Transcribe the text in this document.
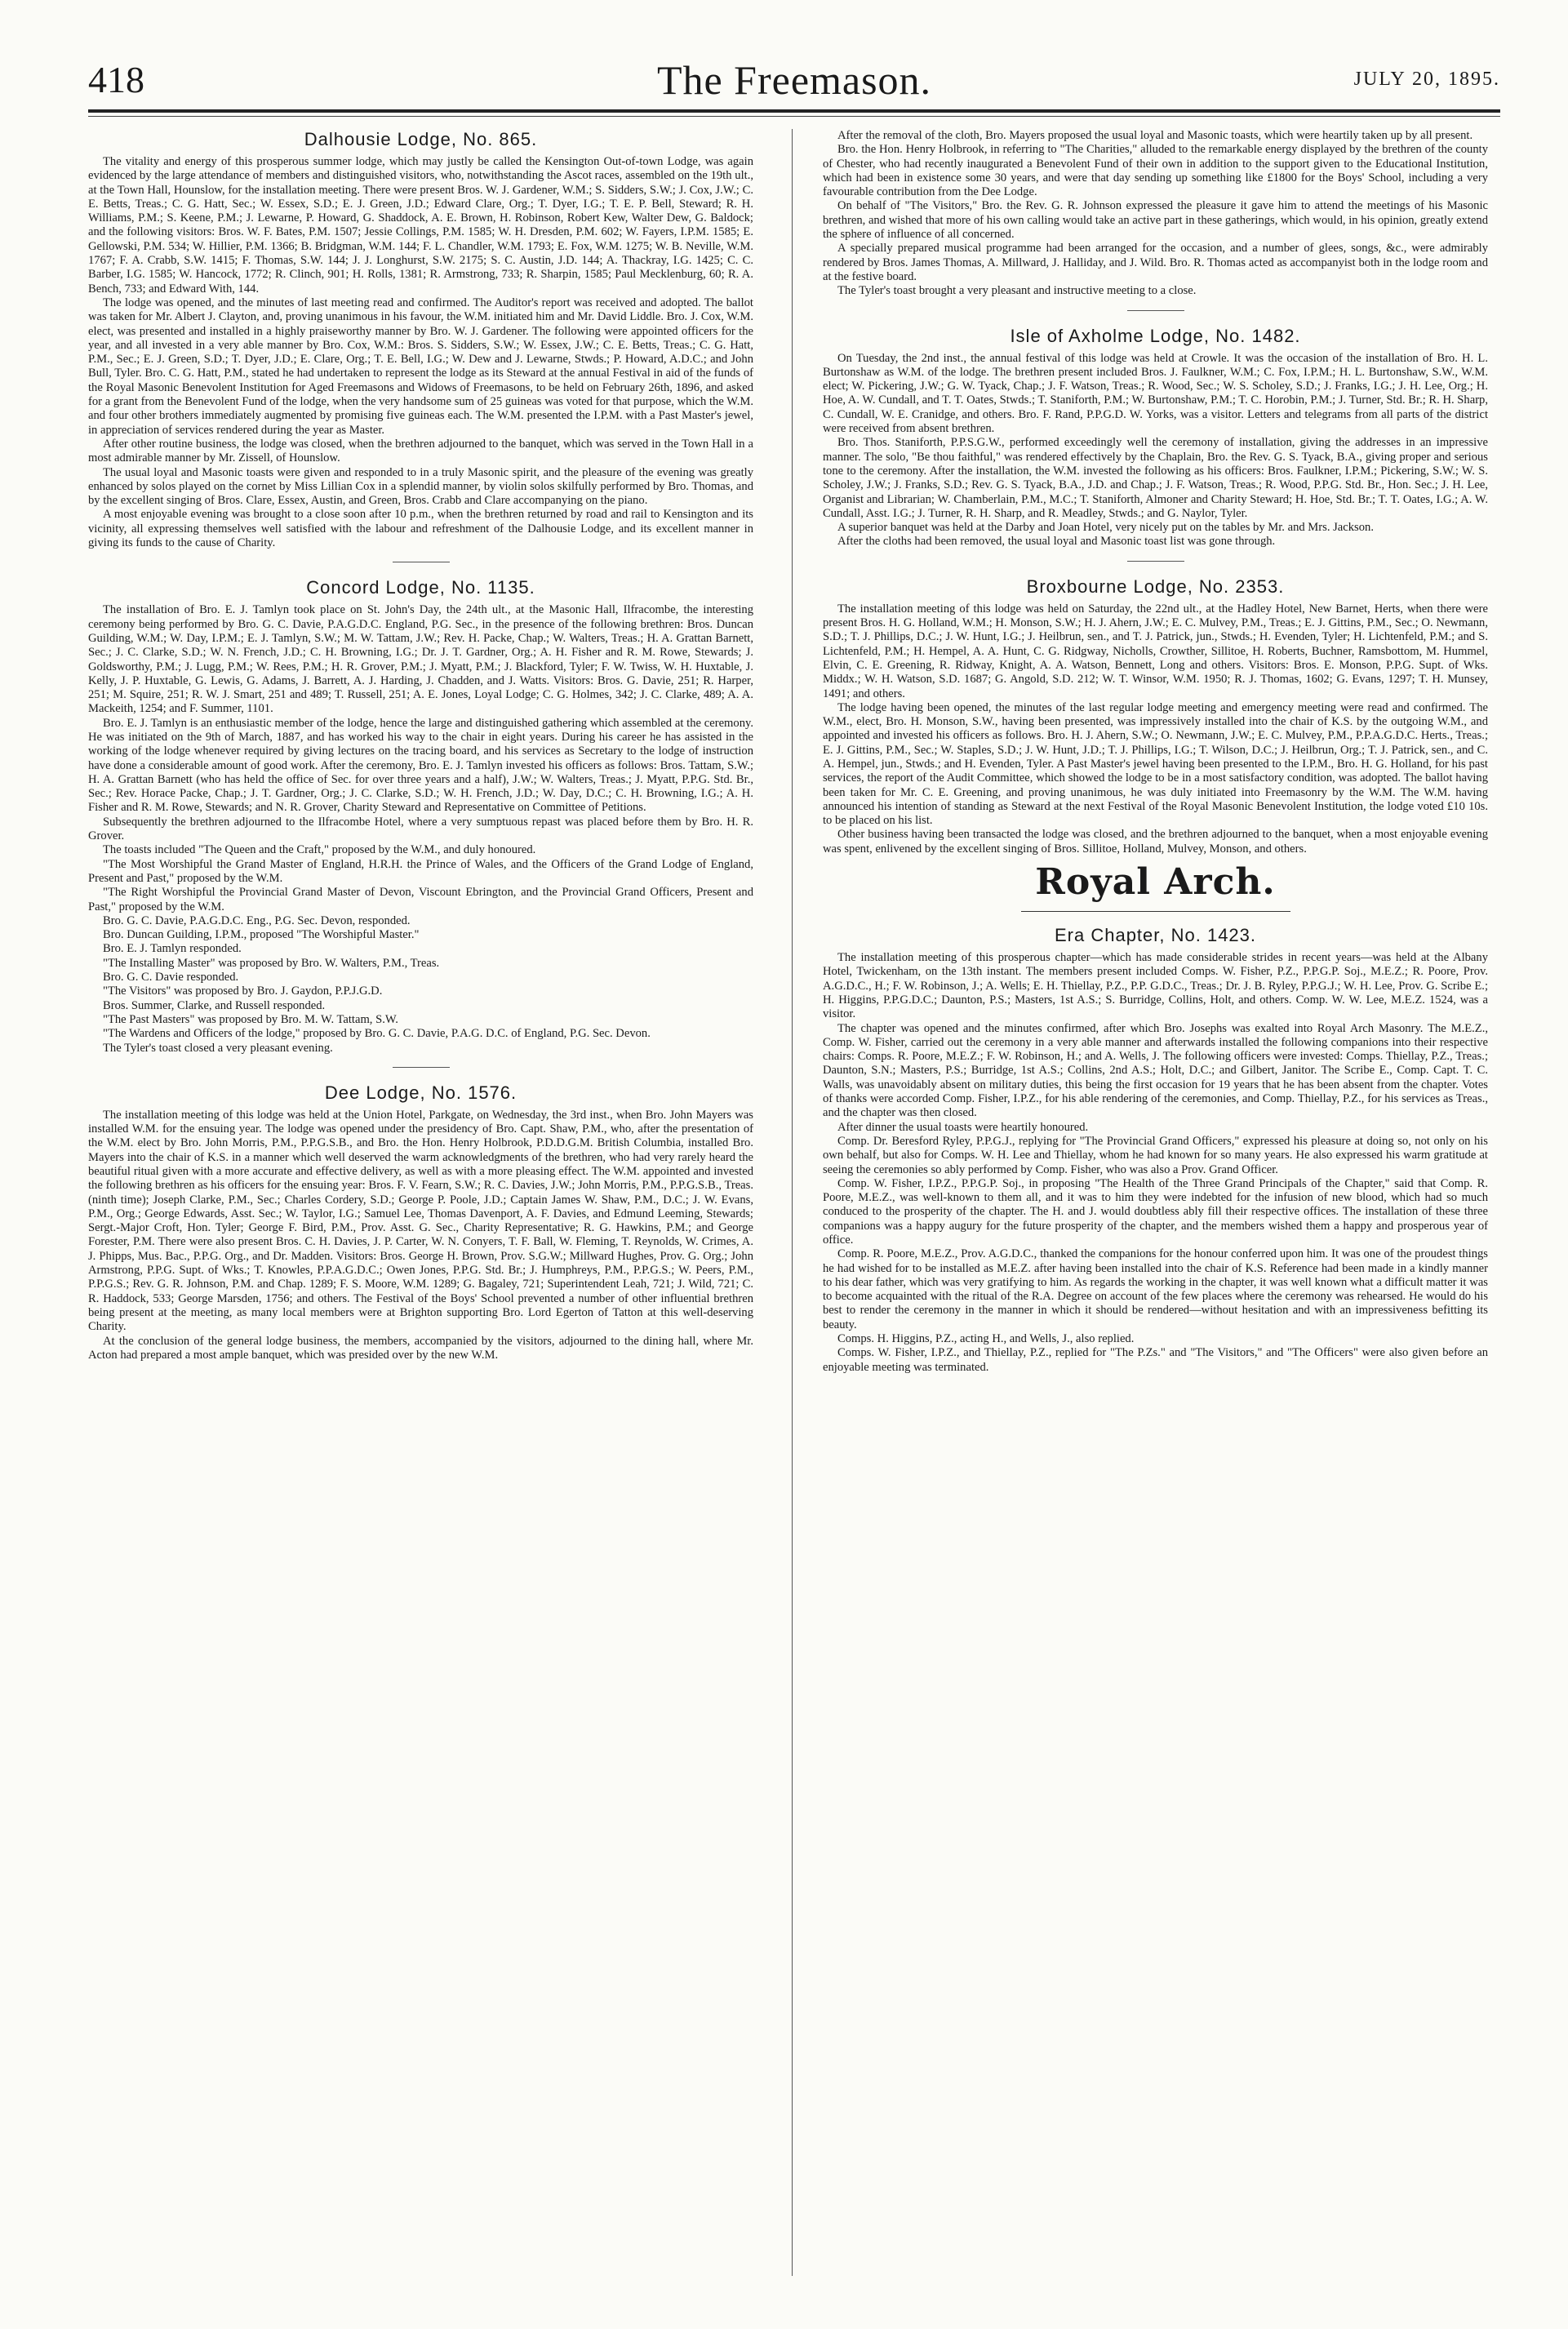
418	The Freemason.	JULY 20, 1895.
Dalhousie Lodge, No. 865.

The vitality and energy of this prosperous summer lodge, which may justly be called the Kensington Out-of-town Lodge, was again evidenced by the large attendance of members and distinguished visitors, who, notwithstanding the Ascot races, assembled on the 19th ult., at the Town Hall, Hounslow, for the installation meeting. There were present Bros. W. J. Gardener, W.M.; S. Sidders, S.W.; J. Cox, J.W.; C. E. Betts, Treas.; C. G. Hatt, Sec.; W. Essex, S.D.; E. J. Green, J.D.; Edward Clare, Org.; T. Dyer, I.G.; T. E. P. Bell, Steward; R. H. Williams, P.M.; S. Keene, P.M.; J. Lewarne, P. Howard, G. Shaddock, A. E. Brown, H. Robinson, Robert Kew, Walter Dew, G. Baldock; and the following visitors: Bros. W. F. Bates, P.M. 1507; Jessie Collings, P.M. 1585; W. H. Dresden, P.M. 602; W. Fayers, I.P.M. 1585; E. Gellowski, P.M. 534; W. Hillier, P.M. 1366; B. Bridgman, W.M. 144; F. L. Chandler, W.M. 1793; E. Fox, W.M. 1275; W. B. Neville, W.M. 1767; F. A. Crabb, S.W. 1415; F. Thomas, S.W. 144; J. J. Longhurst, S.W. 2175; S. C. Austin, J.D. 144; A. Thackray, I.G. 1425; C. C. Barber, I.G. 1585; W. Hancock, 1772; R. Clinch, 901; H. Rolls, 1381; R. Armstrong, 733; R. Sharpin, 1585; Paul Mecklenburg, 60; R. A. Bench, 733; and Edward With, 144.

The lodge was opened, and the minutes of last meeting read and confirmed. The Auditor's report was received and adopted. The ballot was taken for Mr. Albert J. Clayton, and, proving unanimous in his favour, the W.M. initiated him and Mr. David Liddle. Bro. J. Cox, W.M. elect, was presented and installed in a highly praiseworthy manner by Bro. W. J. Gardener. The following were appointed officers for the year, and all invested in a very able manner by Bro. Cox, W.M.: Bros. S. Sidders, S.W.; W. Essex, J.W.; C. E. Betts, Treas.; C. G. Hatt, P.M., Sec.; E. J. Green, S.D.; T. Dyer, J.D.; E. Clare, Org.; T. E. Bell, I.G.; W. Dew and J. Lewarne, Stwds.; P. Howard, A.D.C.; and John Bull, Tyler. Bro. C. G. Hatt, P.M., stated he had undertaken to represent the lodge as its Steward at the annual Festival in aid of the funds of the Royal Masonic Benevolent Institution for Aged Freemasons and Widows of Freemasons, to be held on February 26th, 1896, and asked for a grant from the Benevolent Fund of the lodge, when the very handsome sum of 25 guineas was voted for that purpose, which the W.M. and four other brothers immediately augmented by promising five guineas each. The W.M. presented the I.P.M. with a Past Master's jewel, in appreciation of services rendered during the year as Master.

After other routine business, the lodge was closed, when the brethren adjourned to the banquet, which was served in the Town Hall in a most admirable manner by Mr. Zissell, of Hounslow.

The usual loyal and Masonic toasts were given and responded to in a truly Masonic spirit, and the pleasure of the evening was greatly enhanced by solos played on the cornet by Miss Lillian Cox in a splendid manner, by violin solos skilfully performed by Bro. Thomas, and by the excellent singing of Bros. Clare, Essex, Austin, and Green, Bros. Crabb and Clare accompanying on the piano.

A most enjoyable evening was brought to a close soon after 10 p.m., when the brethren returned by road and rail to Kensington and its vicinity, all expressing themselves well satisfied with the labour and refreshment of the Dalhousie Lodge, and its excellent manner in giving its funds to the cause of Charity.

Concord Lodge, No. 1135.

The installation of Bro. E. J. Tamlyn took place on St. John's Day, the 24th ult., at the Masonic Hall, Ilfracombe, the interesting ceremony being performed by Bro. G. C. Davie, P.A.G.D.C. England, P.G. Sec., in the presence of the following brethren: Bros. Duncan Guilding, W.M.; W. Day, I.P.M.; E. J. Tamlyn, S.W.; M. W. Tattam, J.W.; Rev. H. Packe, Chap.; W. Walters, Treas.; H. A. Grattan Barnett, Sec.; J. C. Clarke, S.D.; W. N. French, J.D.; C. H. Browning, I.G.; Dr. J. T. Gardner, Org.; A. H. Fisher and R. M. Rowe, Stewards; J. Goldsworthy, P.M.; J. Lugg, P.M.; W. Rees, P.M.; H. R. Grover, P.M.; J. Myatt, P.M.; J. Blackford, Tyler; F. W. Twiss, W. H. Huxtable, J. Kelly, J. P. Huxtable, G. Lewis, G. Adams, J. Barrett, A. J. Harding, J. Chadden, and J. Watts. Visitors: Bros. G. Davie, 251; R. Harper, 251; M. Squire, 251; R. W. J. Smart, 251 and 489; T. Russell, 251; A. E. Jones, Loyal Lodge; C. G. Holmes, 342; J. C. Clarke, 489; A. A. Mackeith, 1254; and F. Summer, 1101.

Bro. E. J. Tamlyn is an enthusiastic member of the lodge, hence the large and distinguished gathering which assembled at the ceremony. He was initiated on the 9th of March, 1887, and has worked his way to the chair in eight years. During his career he has assisted in the working of the lodge whenever required by giving lectures on the tracing board, and his services as Secretary to the lodge of instruction have done a considerable amount of good work. After the ceremony, Bro. E. J. Tamlyn invested his officers as follows: Bros. Tattam, S.W.; H. A. Grattan Barnett (who has held the office of Sec. for over three years and a half), J.W.; W. Walters, Treas.; J. Myatt, P.P.G. Std. Br., Sec.; Rev. Horace Packe, Chap.; J. T. Gardner, Org.; J. C. Clarke, S.D.; W. H. French, J.D.; W. Day, D.C.; C. H. Browning, I.G.; A. H. Fisher and R. M. Rowe, Stewards; and N. R. Grover, Charity Steward and Representative on Committee of Petitions.

Subsequently the brethren adjourned to the Ilfracombe Hotel, where a very sumptuous repast was placed before them by Bro. H. R. Grover.

The toasts included "The Queen and the Craft," proposed by the W.M., and duly honoured.

"The Most Worshipful the Grand Master of England, H.R.H. the Prince of Wales, and the Officers of the Grand Lodge of England, Present and Past," proposed by the W.M.

"The Right Worshipful the Provincial Grand Master of Devon, Viscount Ebrington, and the Provincial Grand Officers, Present and Past," proposed by the W.M.

Bro. G. C. Davie, P.A.G.D.C. Eng., P.G. Sec. Devon, responded.

Bro. Duncan Guilding, I.P.M., proposed "The Worshipful Master."

Bro. E. J. Tamlyn responded.

"The Installing Master" was proposed by Bro. W. Walters, P.M., Treas.

Bro. G. C. Davie responded.

"The Visitors" was proposed by Bro. J. Gaydon, P.P.J.G.D.

Bros. Summer, Clarke, and Russell responded.

"The Past Masters" was proposed by Bro. M. W. Tattam, S.W.

"The Wardens and Officers of the lodge," proposed by Bro. G. C. Davie, P.A.G. D.C. of England, P.G. Sec. Devon.

The Tyler's toast closed a very pleasant evening.

Dee Lodge, No. 1576.

The installation meeting of this lodge was held at the Union Hotel, Parkgate, on Wednesday, the 3rd inst., when Bro. John Mayers was installed W.M. for the ensuing year. The lodge was opened under the presidency of Bro. Capt. Shaw, P.M., who, after the presentation of the W.M. elect by Bro. John Morris, P.M., P.P.G.S.B., and Bro. the Hon. Henry Holbrook, P.D.D.G.M. British Columbia, installed Bro. Mayers into the chair of K.S. in a manner which well deserved the warm acknowledgments of the brethren, who had very rarely heard the beautiful ritual given with a more accurate and effective delivery, as well as with a more pleasing effect. The W.M. appointed and invested the following brethren as his officers for the ensuing year: Bros. F. V. Fearn, S.W.; R. C. Davies, J.W.; John Morris, P.M., P.P.G.S.B., Treas. (ninth time); Joseph Clarke, P.M., Sec.; Charles Cordery, S.D.; George P. Poole, J.D.; Captain James W. Shaw, P.M., D.C.; J. W. Evans, P.M., Org.; George Edwards, Asst. Sec.; W. Taylor, I.G.; Samuel Lee, Thomas Davenport, A. F. Davies, and Edmund Leeming, Stewards; Sergt.-Major Croft, Hon. Tyler; George F. Bird, P.M., Prov. Asst. G. Sec., Charity Representative; R. G. Hawkins, P.M.; and George Forester, P.M. There were also present Bros. C. H. Davies, J. P. Carter, W. N. Conyers, T. F. Ball, W. Fleming, T. Reynolds, W. Crimes, A. J. Phipps, Mus. Bac., P.P.G. Org., and Dr. Madden. Visitors: Bros. George H. Brown, Prov. S.G.W.; Millward Hughes, Prov. G. Org.; John Armstrong, P.P.G. Supt. of Wks.; T. Knowles, P.P.A.G.D.C.; Owen Jones, P.P.G. Std. Br.; J. Humphreys, P.M., P.P.G.S.; W. Peers, P.M., P.P.G.S.; Rev. G. R. Johnson, P.M. and Chap. 1289; F. S. Moore, W.M. 1289; G. Bagaley, 721; Superintendent Leah, 721; J. Wild, 721; C. R. Haddock, 533; George Marsden, 1756; and others. The Festival of the Boys' School prevented a number of other influential brethren being present at the meeting, as many local members were at Brighton supporting Bro. Lord Egerton of Tatton at this well-deserving Charity.

At the conclusion of the general lodge business, the members, accompanied by the visitors, adjourned to the dining hall, where Mr. Acton had prepared a most ample banquet, which was presided over by the new W.M.

After the removal of the cloth, Bro. Mayers proposed the usual loyal and Masonic toasts, which were heartily taken up by all present.

Bro. the Hon. Henry Holbrook, in referring to "The Charities," alluded to the remarkable energy displayed by the brethren of the county of Chester, who had recently inaugurated a Benevolent Fund of their own in addition to the support given to the Educational Institution, which had been in existence some 30 years, and were that day sending up something like £1800 for the Boys' School, including a very favourable contribution from the Dee Lodge.

On behalf of "The Visitors," Bro. the Rev. G. R. Johnson expressed the pleasure it gave him to attend the meetings of his Masonic brethren, and wished that more of his own calling would take an active part in these gatherings, which would, in his opinion, greatly extend the sphere of influence of all concerned.

A specially prepared musical programme had been arranged for the occasion, and a number of glees, songs, &c., were admirably rendered by Bros. James Thomas, A. Millward, J. Halliday, and J. Wild. Bro. R. Thomas acted as accompanyist both in the lodge room and at the festive board.

The Tyler's toast brought a very pleasant and instructive meeting to a close.

Isle of Axholme Lodge, No. 1482.

On Tuesday, the 2nd inst., the annual festival of this lodge was held at Crowle. It was the occasion of the installation of Bro. H. L. Burtonshaw as W.M. of the lodge. The brethren present included Bros. J. Faulkner, W.M.; C. Fox, I.P.M.; H. L. Burtonshaw, S.W., W.M. elect; W. Pickering, J.W.; G. W. Tyack, Chap.; J. F. Watson, Treas.; R. Wood, Sec.; W. S. Scholey, S.D.; J. Franks, I.G.; J. H. Lee, Org.; H. Hoe, A. W. Cundall, and T. T. Oates, Stwds.; T. Staniforth, P.M.; W. Burtonshaw, P.M.; T. C. Horobin, P.M.; J. Turner, Std. Br.; R. H. Sharp, C. Cundall, W. E. Cranidge, and others. Bro. F. Rand, P.P.G.D. W. Yorks, was a visitor. Letters and telegrams from all parts of the district were received from absent brethren.

Bro. Thos. Staniforth, P.P.S.G.W., performed exceedingly well the ceremony of installation, giving the addresses in an impressive manner. The solo, "Be thou faithful," was rendered effectively by the Chaplain, Bro. the Rev. G. S. Tyack, B.A., giving proper and serious tone to the ceremony. After the installation, the W.M. invested the following as his officers: Bros. Faulkner, I.P.M.; Pickering, S.W.; W. S. Scholey, J.W.; J. Franks, S.D.; Rev. G. S. Tyack, B.A., J.D. and Chap.; J. F. Watson, Treas.; R. Wood, P.P.G. Std. Br., Hon. Sec.; J. H. Lee, Organist and Librarian; W. Chamberlain, P.M., M.C.; T. Staniforth, Almoner and Charity Steward; H. Hoe, Std. Br.; T. T. Oates, I.G.; A. W. Cundall, Asst. I.G.; J. Turner, R. H. Sharp, and R. Meadley, Stwds.; and G. Naylor, Tyler.

A superior banquet was held at the Darby and Joan Hotel, very nicely put on the tables by Mr. and Mrs. Jackson.

After the cloths had been removed, the usual loyal and Masonic toast list was gone through.

Broxbourne Lodge, No. 2353.

The installation meeting of this lodge was held on Saturday, the 22nd ult., at the Hadley Hotel, New Barnet, Herts, when there were present Bros. H. G. Holland, W.M.; H. Monson, S.W.; H. J. Ahern, J.W.; E. C. Mulvey, P.M., Treas.; E. J. Gittins, P.M., Sec.; O. Newmann, S.D.; T. J. Phillips, D.C.; J. W. Hunt, I.G.; J. Heilbrun, sen., and T. J. Patrick, jun., Stwds.; H. Evenden, Tyler; H. Lichtenfeld, P.M.; and S. Lichtenfeld, P.M.; H. Hempel, A. A. Hunt, C. G. Ridgway, Nicholls, Crowther, Sillitoe, H. Roberts, Buchner, Ramsbottom, M. Hummel, Elvin, C. E. Greening, R. Ridway, Knight, A. A. Watson, Bennett, Long and others. Visitors: Bros. E. Monson, P.P.G. Supt. of Wks. Middx.; W. H. Watson, S.D. 1687; G. Angold, S.D. 212; W. T. Winsor, W.M. 1950; R. J. Thomas, 1602; G. Evans, 1297; T. H. Munsey, 1491; and others.

The lodge having been opened, the minutes of the last regular lodge meeting and emergency meeting were read and confirmed. The W.M., elect, Bro. H. Monson, S.W., having been presented, was impressively installed into the chair of K.S. by the outgoing W.M., and appointed and invested his officers as follows. Bro. H. J. Ahern, S.W.; O. Newmann, J.W.; E. C. Mulvey, P.M., P.P.A.G.D.C. Herts., Treas.; E. J. Gittins, P.M., Sec.; W. Staples, S.D.; J. W. Hunt, J.D.; T. J. Phillips, I.G.; T. Wilson, D.C.; J. Heilbrun, Org.; T. J. Patrick, sen., and C. A. Hempel, jun., Stwds.; and H. Evenden, Tyler. A Past Master's jewel having been presented to the I.P.M., Bro. H. G. Holland, for his past services, the report of the Audit Committee, which showed the lodge to be in a most satisfactory condition, was adopted. The ballot having been taken for Mr. C. E. Greening, and proving unanimous, he was duly initiated into Freemasonry by the W.M. The W.M. having announced his intention of standing as Steward at the next Festival of the Royal Masonic Benevolent Institution, the lodge voted £10 10s. to be placed on his list.

Other business having been transacted the lodge was closed, and the brethren adjourned to the banquet, when a most enjoyable evening was spent, enlivened by the excellent singing of Bros. Sillitoe, Holland, Mulvey, Monson, and others.

Royal Arch.
Era Chapter, No. 1423.

The installation meeting of this prosperous chapter—which has made considerable strides in recent years—was held at the Albany Hotel, Twickenham, on the 13th instant. The members present included Comps. W. Fisher, P.Z., P.P.G.P. Soj., M.E.Z.; R. Poore, Prov. A.G.D.C., H.; F. W. Robinson, J.; A. Wells; E. H. Thiellay, P.Z., P.P. G.D.C., Treas.; Dr. J. B. Ryley, P.P.G.J.; W. H. Lee, Prov. G. Scribe E.; H. Higgins, P.P.G.D.C.; Daunton, P.S.; Masters, 1st A.S.; S. Burridge, Collins, Holt, and others. Comp. W. W. Lee, M.E.Z. 1524, was a visitor.

The chapter was opened and the minutes confirmed, after which Bro. Josephs was exalted into Royal Arch Masonry. The M.E.Z., Comp. W. Fisher, carried out the ceremony in a very able manner and afterwards installed the following companions into their respective chairs: Comps. R. Poore, M.E.Z.; F. W. Robinson, H.; and A. Wells, J. The following officers were invested: Comps. Thiellay, P.Z., Treas.; Daunton, S.N.; Masters, P.S.; Burridge, 1st A.S.; Collins, 2nd A.S.; Holt, D.C.; and Gilbert, Janitor. The Scribe E., Comp. Capt. T. C. Walls, was unavoidably absent on military duties, this being the first occasion for 19 years that he has been absent from the chapter. Votes of thanks were accorded Comp. Fisher, I.P.Z., for his able rendering of the ceremonies, and Comp. Thiellay, P.Z., for his services as Treas., and the chapter was then closed.

After dinner the usual toasts were heartily honoured.

Comp. Dr. Beresford Ryley, P.P.G.J., replying for "The Provincial Grand Officers," expressed his pleasure at doing so, not only on his own behalf, but also for Comps. W. H. Lee and Thiellay, whom he had known for so many years. He also expressed his warm gratitude at seeing the ceremonies so ably performed by Comp. Fisher, who was also a Prov. Grand Officer.

Comp. W. Fisher, I.P.Z., P.P.G.P. Soj., in proposing "The Health of the Three Grand Principals of the Chapter," said that Comp. R. Poore, M.E.Z., was well-known to them all, and it was to him they were indebted for the infusion of new blood, which had so much conduced to the prosperity of the chapter. The H. and J. would doubtless ably fill their respective offices. The installation of these three companions was a happy augury for the future prosperity of the chapter, and the members wished them a happy and prosperous year of office.

Comp. R. Poore, M.E.Z., Prov. A.G.D.C., thanked the companions for the honour conferred upon him. It was one of the proudest things he had wished for to be installed as M.E.Z. after having been installed into the chair of K.S. Reference had been made in a kindly manner to his dear father, which was very gratifying to him. As regards the working in the chapter, it was well known what a difficult matter it was to become acquainted with the ritual of the R.A. Degree on account of the few places where the ceremony was rehearsed. He would do his best to render the ceremony in the manner in which it should be rendered—without hesitation and with an impressiveness befitting its beauty.

Comps. H. Higgins, P.Z., acting H., and Wells, J., also replied.

Comps. W. Fisher, I.P.Z., and Thiellay, P.Z., replied for "The P.Zs." and "The Visitors," and "The Officers" were also given before an enjoyable meeting was terminated.
